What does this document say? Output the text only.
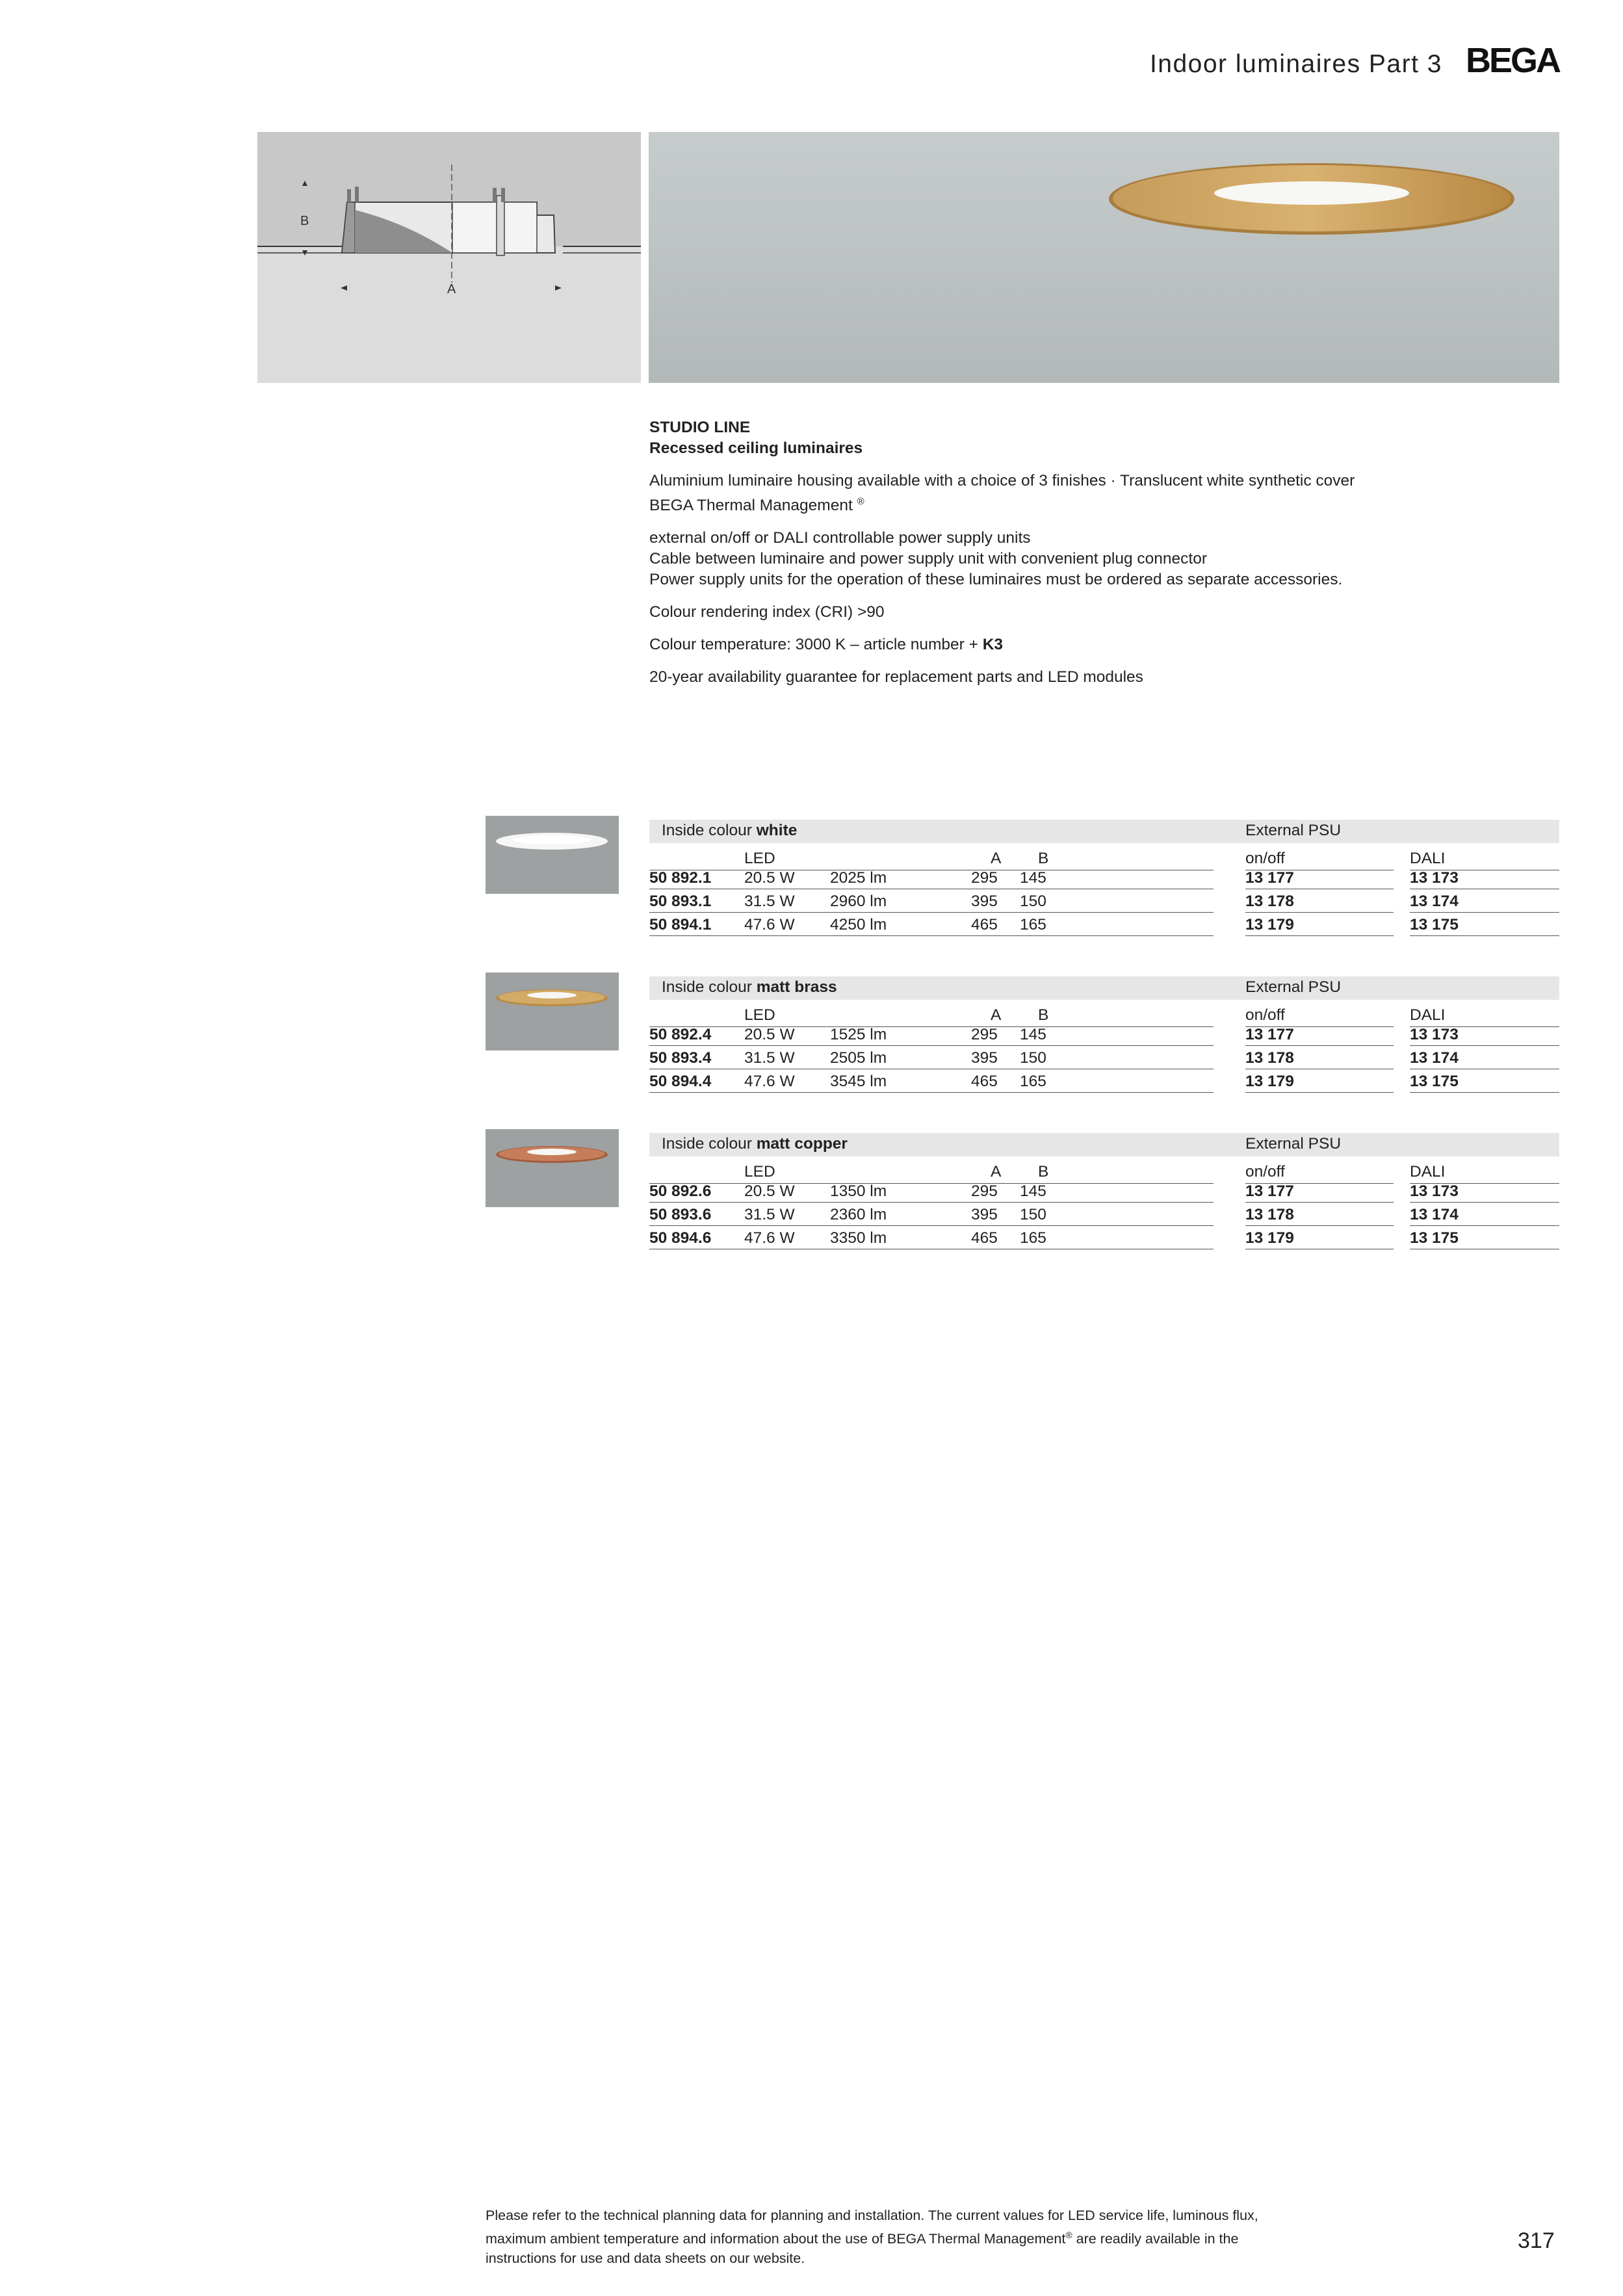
Indoor luminaires Part 3 BEGA
B
A

STUDIO LINE
Recessed ceiling luminaires

Aluminium luminaire housing available with a choice of 3 finishes · Translucent white synthetic cover
BEGA Thermal Management ®

external on/off or DALI controllable power supply units
Cable between luminaire and power supply unit with convenient plug connector
Power supply units for the operation of these luminaires must be ordered as separate accessories.

Colour rendering index (CRI) >90

Colour temperature: 3000 K – article number + K3

20-year availability guarantee for replacement parts and LED modules

Inside colour white	External PSU
LED	A B	on/off	DALI
50 892.1 20.5 W 2025 lm	295 145	13 177	13 173
50 893.1 31.5 W 2960 lm	395 150	13 178	13 174
50 894.1 47.6 W 4250 lm	465 165	13 179	13 175
Inside colour matt brass	External PSU
LED	A B	on/off	DALI
50 892.4 20.5 W 1525 lm	295 145	13 177	13 173
50 893.4 31.5 W 2505 lm	395 150	13 178	13 174
50 894.4 47.6 W 3545 lm	465 165	13 179	13 175
Inside colour matt copper	External PSU
LED	A B	on/off	DALI
50 892.6 20.5 W 1350 lm	295 145	13 177	13 173
50 893.6 31.5 W 2360 lm	395 150	13 178	13 174
50 894.6 47.6 W 3350 lm	465 165	13 179	13 175
Please refer to the technical planning data for planning and installation. The current values for LED service life, luminous flux,
maximum ambient temperature and information about the use of BEGA Thermal Management® are readily available in the
instructions for use and data sheets on our website.
317
